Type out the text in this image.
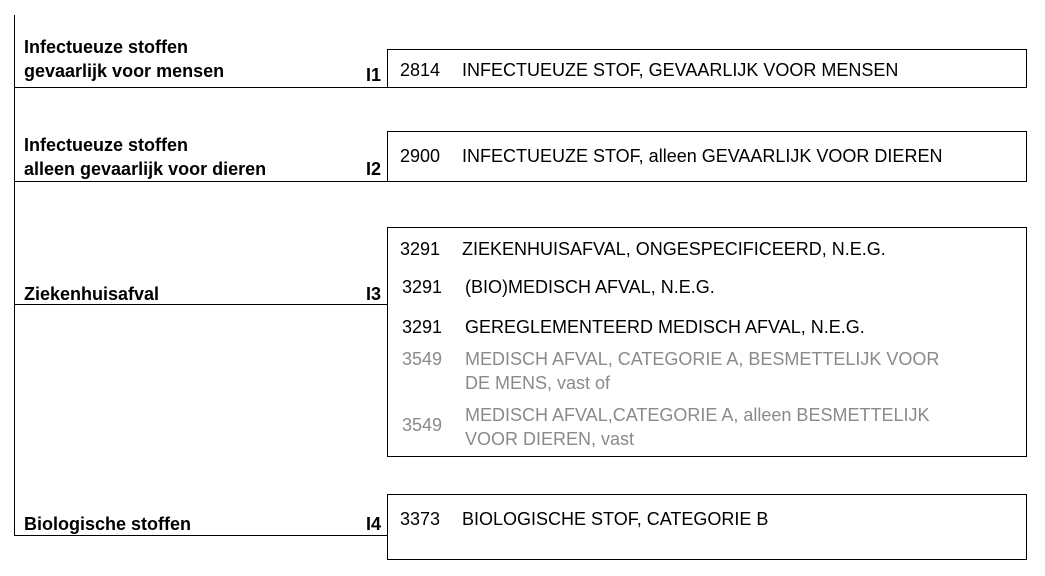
Infectueuze stoffen
gevaarlijk voor mensen	I1 2814 INFECTUEUZE STOF, GEVAARLIJK VOOR MENSEN
Infectueuze stoffen
alleen gevaarlijk voor dieren	I2
2900 INFECTUEUZE STOF, alleen GEVAARLIJK VOOR DIEREN
Ziekenhuisafval	I3
3291 ZIEKENHUISAFVAL, ONGESPECIFICEERD, N.E.G.
3291 (BIO)MEDISCH AFVAL, N.E.G.
3291 GEREGLEMENTEERD MEDISCH AFVAL, N.E.G.
3549 MEDISCH AFVAL, CATEGORIE A, BESMETTELIJK VOOR
DE MENS, vast of
3549 MEDISCH AFVAL,CATEGORIE A, alleen BESMETTELIJK
VOOR DIEREN, vast
Biologische stoffen	I4 3373 BIOLOGISCHE STOF, CATEGORIE B
